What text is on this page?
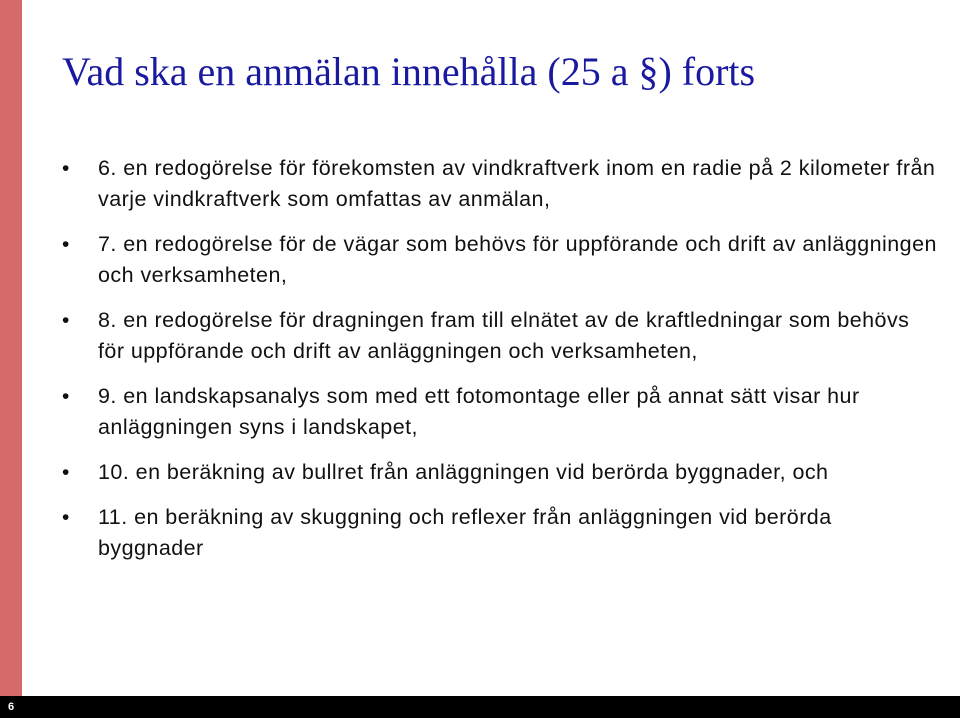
Vad ska en anmälan innehålla (25 a §) forts
•	6. en redogörelse för förekomsten av vindkraftverk inom en radie på 2 kilometer från varje vindkraftverk som omfattas av anmälan,
•	7. en redogörelse för de vägar som behövs för uppförande och drift av anläggningen och verksamheten,
•	8. en redogörelse för dragningen fram till elnätet av de kraftledningar som behövs för uppförande och drift av anläggningen och verksamheten,
•	9. en landskapsanalys som med ett fotomontage eller på annat sätt visar hur anläggningen syns i landskapet,
•	10. en beräkning av bullret från anläggningen vid berörda byggnader, och
•	11. en beräkning av skuggning och reflexer från anläggningen vid berörda byggnader
6
